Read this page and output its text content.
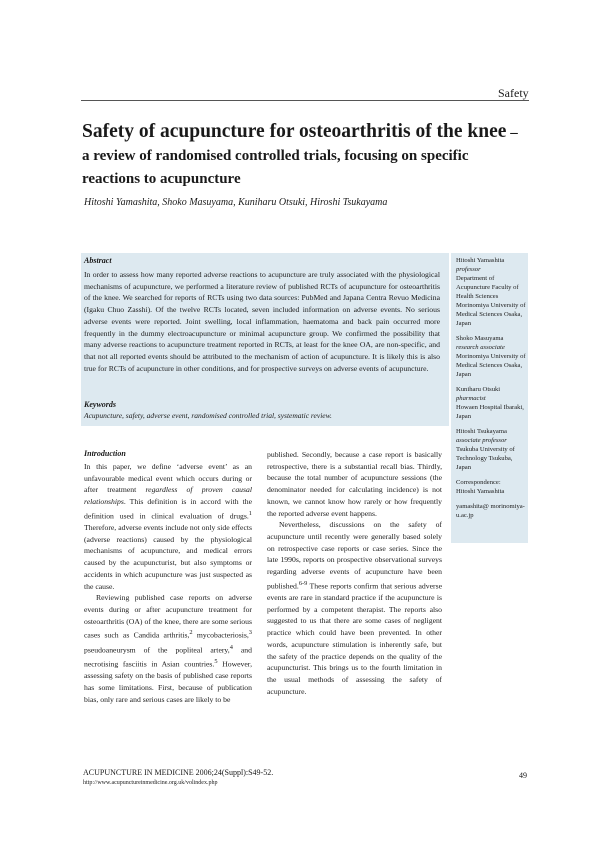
Safety
Safety of acupuncture for osteoarthritis of the knee – a review of randomised controlled trials, focusing on specific reactions to acupuncture
Hitoshi Yamashita, Shoko Masuyama, Kuniharu Otsuki, Hiroshi Tsukayama
Abstract
In order to assess how many reported adverse reactions to acupuncture are truly associated with the physiological mechanisms of acupuncture, we performed a literature review of published RCTs of acupuncture for osteoarthritis of the knee. We searched for reports of RCTs using two data sources: PubMed and Japana Centra Revuo Medicina (Igaku Chuo Zasshi). Of the twelve RCTs located, seven included information on adverse events. No serious adverse events were reported. Joint swelling, local inflammation, haematoma and back pain occurred more frequently in the dummy electroacupuncture or minimal acupuncture group. We confirmed the possibility that many adverse reactions to acupuncture treatment reported in RCTs, at least for the knee OA, are non-specific, and that not all reported events should be attributed to the mechanism of action of acupuncture. It is likely this is also true for RCTs of acupuncture in other conditions, and for prospective surveys on adverse events of acupuncture.
Keywords
Acupuncture, safety, adverse event, randomised controlled trial, systematic review.

Hitoshi Yamashita
professor
Department of Acupuncture Faculty of Health Sciences Morinomiya University of Medical Sciences Osaka, Japan

Shoko Masuyama
research associate
Morinomiya University of Medical Sciences Osaka, Japan

Kuniharu Otsuki
pharmacist
Howaen Hospital Ibaraki, Japan

Hitoshi Tsukayama
associate professor
Tsukuba University of Technology Tsukuba, Japan

Correspondence:
Hitoshi Yamashita

yamashita@ morinomiya-u.ac.jp

Introduction

In this paper, we define ‘adverse event’ as an unfavourable medical event which occurs during or after treatment regardless of proven causal relationships. This definition is in accord with the definition used in clinical evaluation of drugs.$^1$ Therefore, adverse events include not only side effects (adverse reactions) caused by the physiological mechanisms of acupuncture, and medical errors caused by the acupuncturist, but also symptoms or accidents in which acupuncture was just suspected as the cause.

Reviewing published case reports on adverse events during or after acupuncture treatment for osteoarthritis (OA) of the knee, there are some serious cases such as Candida arthritis,$^2$ mycobacteriosis,$^3$ pseudoaneurysm of the popliteal artery,$^4$ and necrotising fasciitis in Asian countries.$^5$ However, assessing safety on the basis of published case reports has some limitations. First, because of publication bias, only rare and serious cases are likely to be

published. Secondly, because a case report is basically retrospective, there is a substantial recall bias. Thirdly, because the total number of acupuncture sessions (the denominator needed for calculating incidence) is not known, we cannot know how rarely or how frequently the reported adverse event happens.

Nevertheless, discussions on the safety of acupuncture until recently were generally based solely on retrospective case reports or case series. Since the late 1990s, reports on prospective observational surveys regarding adverse events of acupuncture have been published.$^{6-9}$ These reports confirm that serious adverse events are rare in standard practice if the acupuncture is performed by a competent therapist. The reports also suggested to us that there are some cases of negligent practice which could have been prevented. In other words, acupuncture stimulation is inherently safe, but the safety of the practice depends on the quality of the acupuncturist. This brings us to the fourth limitation in the usual methods of assessing the safety of acupuncture.

ACUPUNCTURE IN MEDICINE 2006;24(Suppl):S49-52.
http://www.acupunctureinmedicine.org.uk/volindex.php
49
